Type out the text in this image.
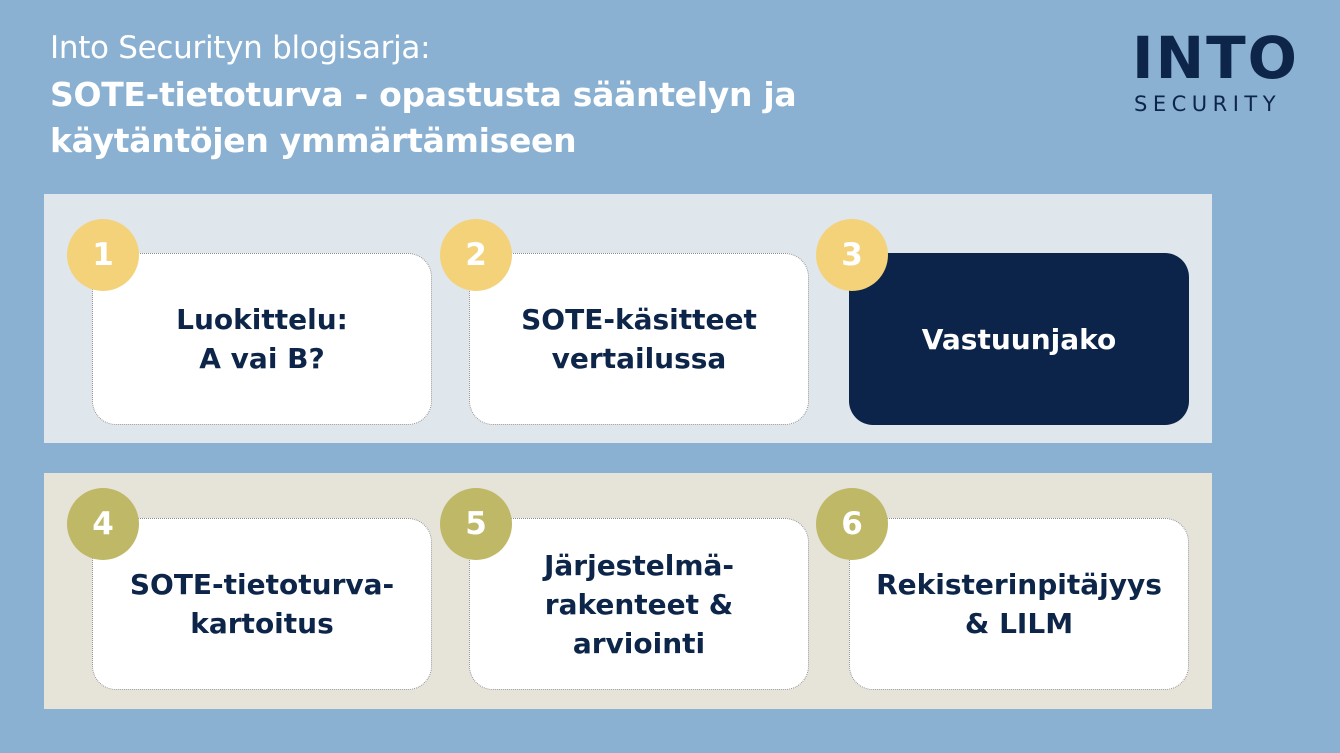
Into Securityn blogisarja:
SOTE-tietoturva - opastusta sääntelyn ja
käytäntöjen ymmärtämiseen
INTO
SECURITY
Luokittelu:
A vai B?
1
SOTE-käsitteet
vertailussa
2
Vastuunjako
3
SOTE-tietoturva-
kartoitus
4
Järjestelmä-
rakenteet &
arviointi
5
Rekisterinpitäjyys
& LILM
6
